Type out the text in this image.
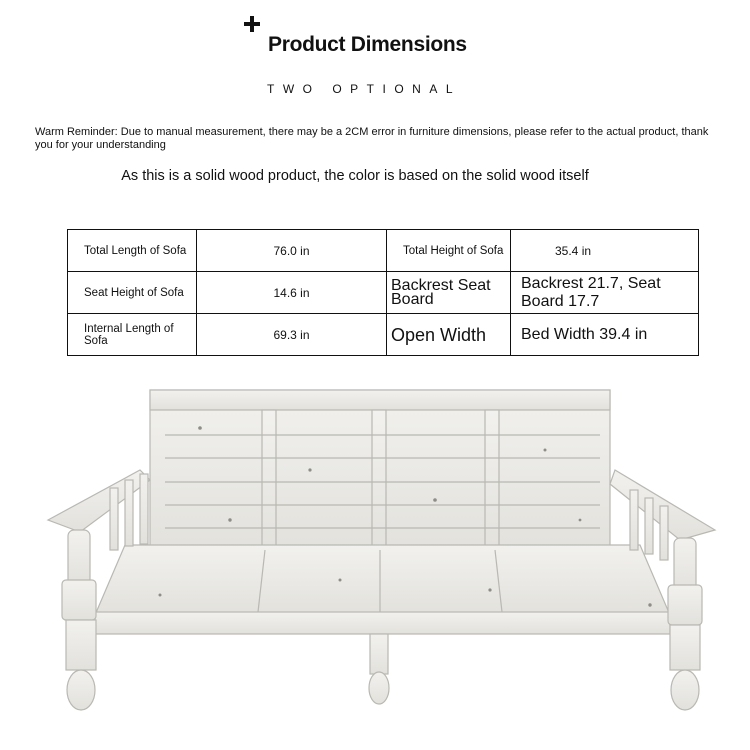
Product Dimensions
TWO OPTIONAL
Warm Reminder: Due to manual measurement, there may be a 2CM error in furniture dimensions, please refer to the actual product, thank you for your understanding
As this is a solid wood product, the color is based on the solid wood itself
Total Length of Sofa	76.0 in	Total Height of Sofa	35.4 in
Seat Height of Sofa	14.6 in	Backrest Seat Board	Backrest 21.7, Seat Board 17.7
Internal Length of Sofa	69.3 in	Open Width	Bed Width 39.4 in
